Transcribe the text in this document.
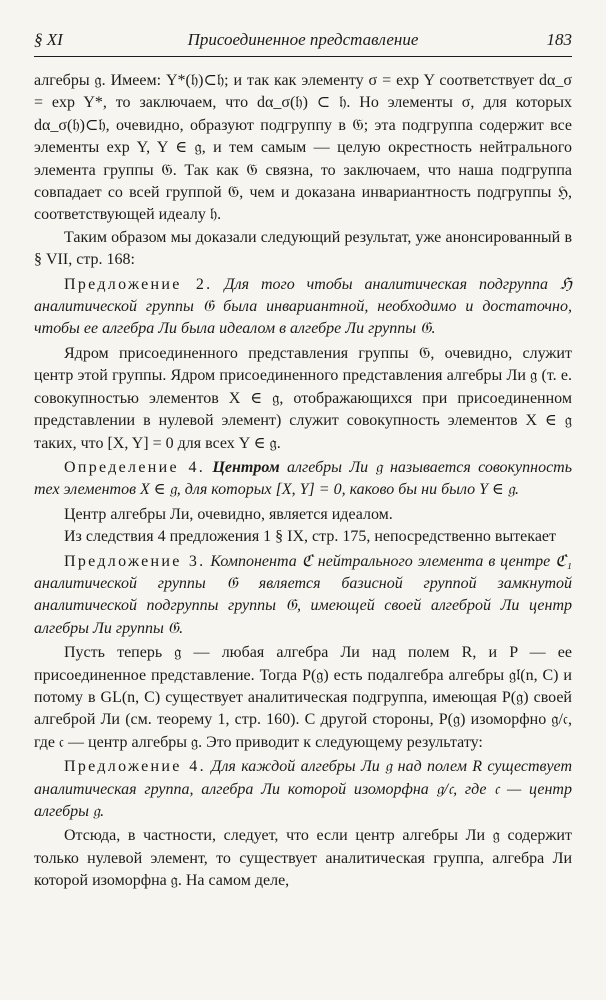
§ XI	Присоединенное представление	183

алгебры 𝔤. Имеем: Y*(𝔥)⊂𝔥; и так как элементу σ = exp Y соответствует dα_σ = exp Y*, то заключаем, что dα_σ(𝔥) ⊂ 𝔥. Но элементы σ, для которых dα_σ(𝔥)⊂𝔥, очевидно, образуют подгруппу в 𝔊; эта подгруппа содержит все элементы exp Y, Y ∈ 𝔤, и тем самым — целую окрестность нейтрального элемента группы 𝔊. Так как 𝔊 связна, то заключаем, что наша подгруппа совпадает со всей группой 𝔊, чем и доказана инвариантность подгруппы ℌ, соответствующей идеалу 𝔥.

Таким образом мы доказали следующий результат, уже анонсированный в § VII, стр. 168:

Предложение 2. Для того чтобы аналитическая подгруппа ℌ аналитической группы 𝔊 была инвариантной, необходимо и достаточно, чтобы ее алгебра Ли была идеалом в алгебре Ли группы 𝔊.

Ядром присоединенного представления группы 𝔊, очевидно, служит центр этой группы. Ядром присоединенного представления алгебры Ли 𝔤 (т. е. совокупностью элементов X ∈ 𝔤, отображающихся при присоединенном представлении в нулевой элемент) служит совокупность элементов X ∈ 𝔤 таких, что [X, Y] = 0 для всех Y ∈ 𝔤.

Определение 4. Центром алгебры Ли 𝔤 называется совокупность тех элементов X ∈ 𝔤, для которых [X, Y] = 0, каково бы ни было Y ∈ 𝔤.

Центр алгебры Ли, очевидно, является идеалом.

Из следствия 4 предложения 1 § IX, стр. 175, непосредственно вытекает

Предложение 3. Компонента ℭ нейтрального элемента в центре ℭ₁ аналитической группы 𝔊 является базисной группой замкнутой аналитической подгруппы группы 𝔊, имеющей своей алгеброй Ли центр алгебры Ли группы 𝔊.

Пусть теперь 𝔤 — любая алгебра Ли над полем R, и P — ее присоединенное представление. Тогда P(𝔤) есть подалгебра алгебры 𝔤𝔩(n, C) и потому в GL(n, C) существует аналитическая подгруппа, имеющая P(𝔤) своей алгеброй Ли (см. теорему 1, стр. 160). С другой стороны, P(𝔤) изоморфно 𝔤/𝔠, где 𝔠 — центр алгебры 𝔤. Это приводит к следующему результату:

Предложение 4. Для каждой алгебры Ли 𝔤 над полем R существует аналитическая группа, алгебра Ли которой изоморфна 𝔤/𝔠, где 𝔠 — центр алгебры 𝔤.

Отсюда, в частности, следует, что если центр алгебры Ли 𝔤 содержит только нулевой элемент, то существует аналитическая группа, алгебра Ли которой изоморфна 𝔤. На самом деле,
